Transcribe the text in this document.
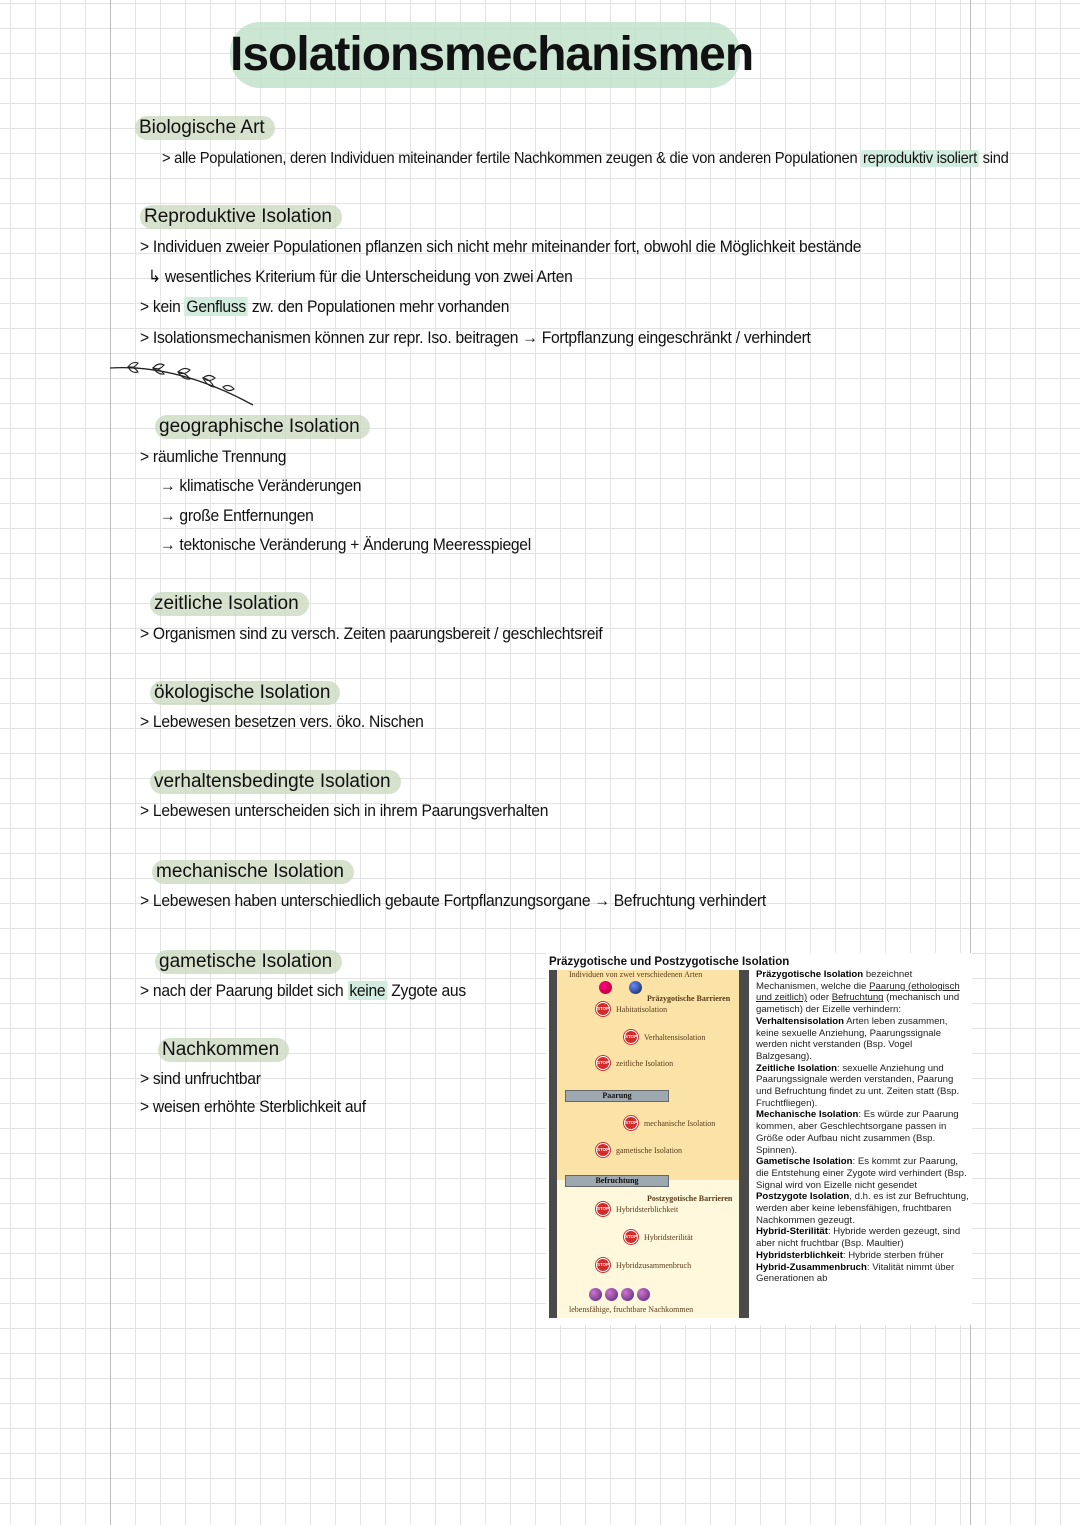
Isolationsmechanismen
Biologische Art
> alle Populationen, deren Individuen miteinander fertile Nachkommen zeugen & die von anderen Populationen reproduktiv isoliert sind
Reproduktive Isolation
> Individuen zweier Populationen pflanzen sich nicht mehr miteinander fort, obwohl die Möglichkeit bestände
↳ wesentliches Kriterium für die Unterscheidung von zwei Arten
> kein Genfluss zw. den Populationen mehr vorhanden
> Isolationsmechanismen können zur repr. Iso. beitragen → Fortpflanzung eingeschränkt / verhindert
geographische Isolation
> räumliche Trennung
→ klimatische Veränderungen
→ große Entfernungen
→ tektonische Veränderung + Änderung Meeresspiegel
zeitliche Isolation
> Organismen sind zu versch. Zeiten paarungsbereit / geschlechtsreif
ökologische Isolation
> Lebewesen besetzen vers. öko. Nischen
verhaltensbedingte Isolation
> Lebewesen unterscheiden sich in ihrem Paarungsverhalten
mechanische Isolation
> Lebewesen haben unterschiedlich gebaute Fortpflanzungsorgane → Befruchtung verhindert
gametische Isolation
> nach der Paarung bildet sich keine Zygote aus
Nachkommen
> sind unfruchtbar
> weisen erhöhte Sterblichkeit auf
Präzygotische und Postzygotische Isolation
Individuen von zwei verschiedenen Arten
Präzygotische Barrieren
STOP Habitatisolation
STOP Verhaltensisolation
STOP zeitliche Isolation
Paarung
STOP mechanische Isolation
STOP gametische Isolation
Befruchtung
Postzygotische Barrieren
STOP Hybridsterblichkeit
STOP Hybridsterilität
STOP Hybridzusammenbruch
lebensfähige, fruchtbare Nachkommen
Präzygotische Isolation bezeichnet Mechanismen, welche die Paarung (ethologisch und zeitlich) oder Befruchtung (mechanisch und gametisch) der Eizelle verhindern:
Verhaltensisolation Arten leben zusammen, keine sexuelle Anziehung, Paarungssignale werden nicht verstanden (Bsp. Vogel Balzgesang).
Zeitliche Isolation: sexuelle Anziehung und Paarungssignale werden verstanden, Paarung und Befruchtung findet zu unt. Zeiten statt (Bsp. Fruchtfliegen).
Mechanische Isolation: Es würde zur Paarung kommen, aber Geschlechtsorgane passen in Größe oder Aufbau nicht zusammen (Bsp. Spinnen).
Gametische Isolation: Es kommt zur Paarung, die Entstehung einer Zygote wird verhindert (Bsp. Signal wird von Eizelle nicht gesendet
Postzygote Isolation, d.h. es ist zur Befruchtung, werden aber keine lebensfähigen, fruchtbaren Nachkommen gezeugt.
Hybrid-Sterilität: Hybride werden gezeugt, sind aber nicht fruchtbar (Bsp. Maultier)
Hybridsterblichkeit: Hybride sterben früher
Hybrid-Zusammenbruch: Vitalität nimmt über Generationen ab
